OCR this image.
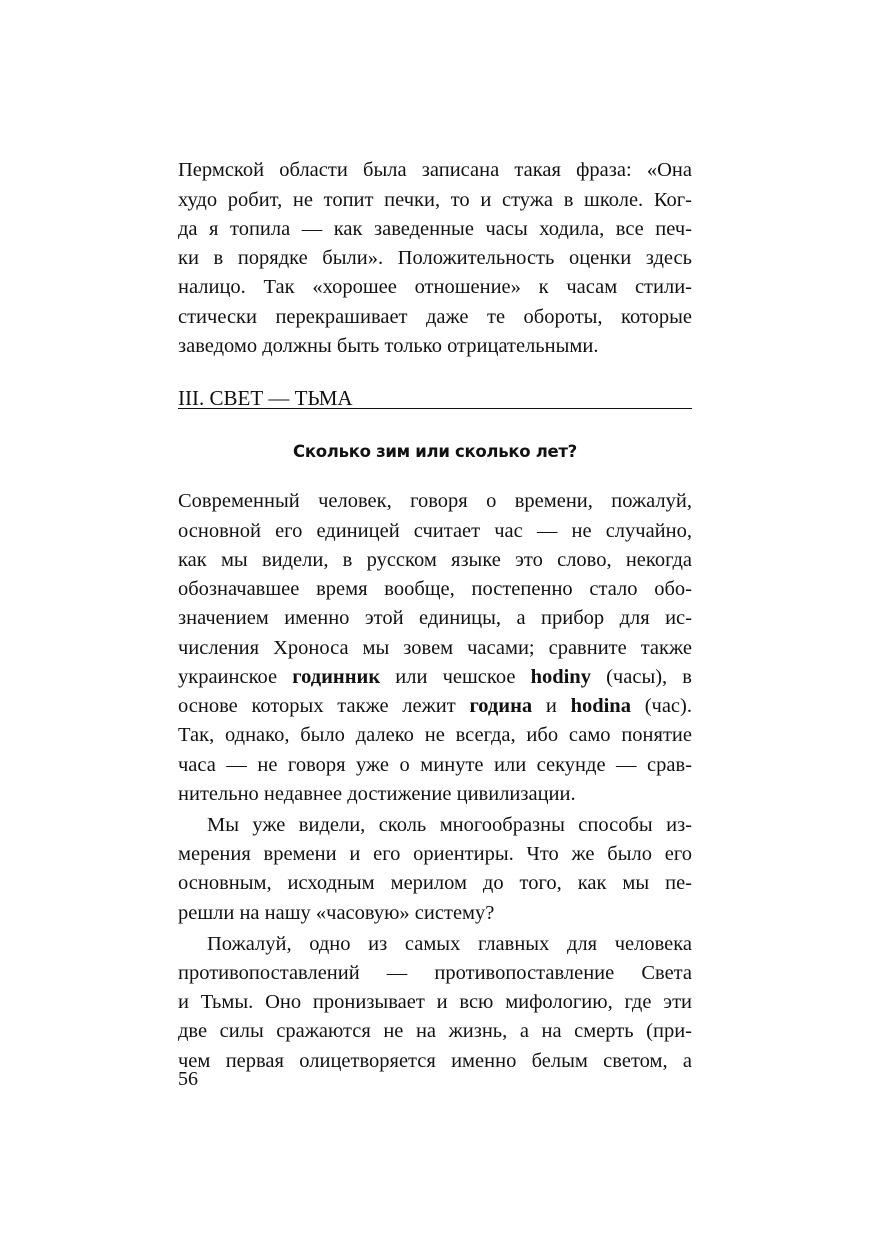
Пермской области была записана такая фраза: «Она
худо робит, не топит печки, то и стужа в школе. Ког-
да я топила — как заведенные часы ходила, все печ-
ки в порядке были». Положительность оценки здесь
налицо. Так «хорошее отношение» к часам стили-
стически перекрашивает даже те обороты, которые
заведомо должны быть только отрицательными.
III. СВЕТ — ТЬМА
Сколько зим или сколько лет?
Современный человек, говоря о времени, пожалуй,
основной его единицей считает час — не случайно,
как мы видели, в русском языке это слово, некогда
обозначавшее время вообще, постепенно стало обо-
значением именно этой единицы, а прибор для ис-
числения Хроноса мы зовем часами; сравните также
украинское годинник или чешское hodiny (часы), в
основе которых также лежит година и hodina (час).
Так, однако, было далеко не всегда, ибо само понятие
часа — не говоря уже о минуте или секунде — срав-
нительно недавнее достижение цивилизации.
Мы уже видели, сколь многообразны способы из-
мерения времени и его ориентиры. Что же было его
основным, исходным мерилом до того, как мы пе-
решли на нашу «часовую» систему?
Пожалуй, одно из самых главных для человека
противопоставлений — противопоставление Света
и Тьмы. Оно пронизывает и всю мифологию, где эти
две силы сражаются не на жизнь, а на смерть (при-
чем первая олицетворяется именно белым светом, а
56
